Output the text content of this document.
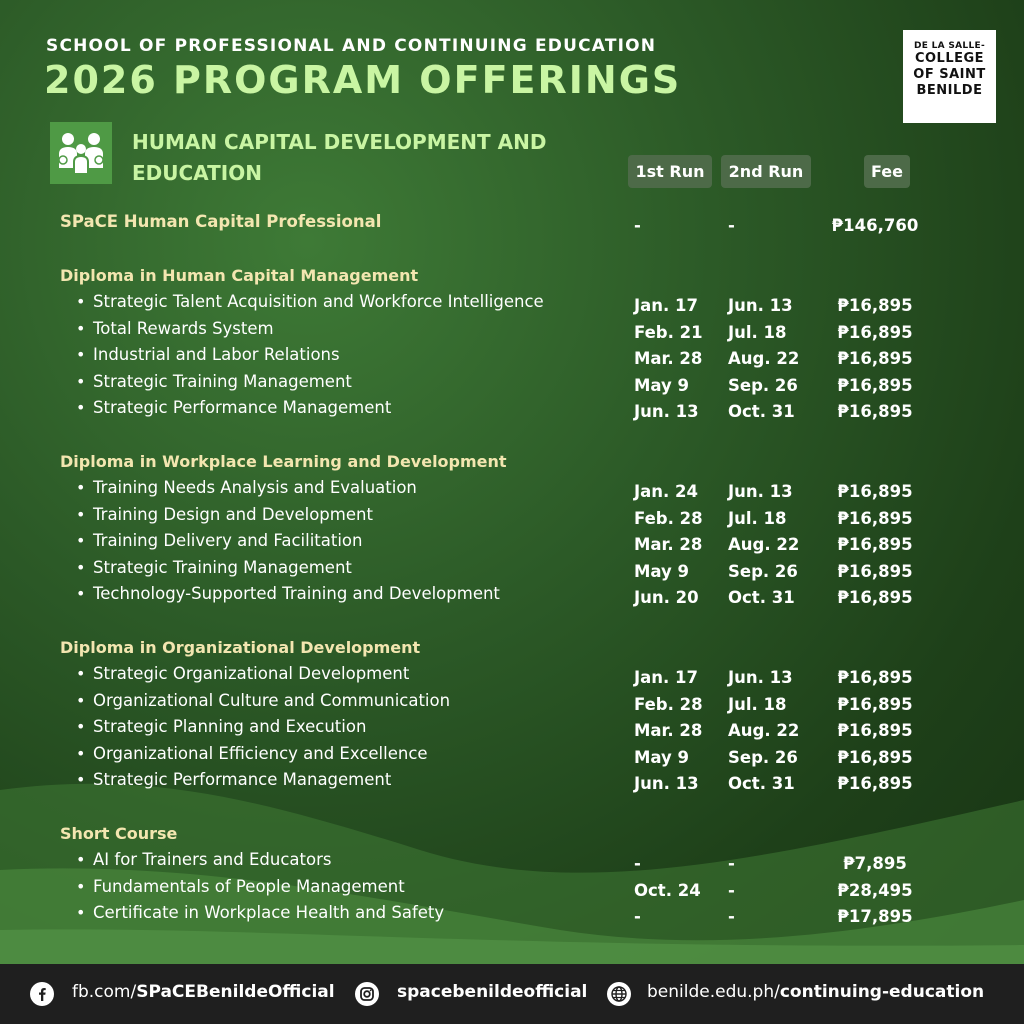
SCHOOL OF PROFESSIONAL AND CONTINUING EDUCATION
2026 PROGRAM OFFERINGS
DE LA SALLE-
COLLEGE
OF SAINT
BENILDE
HUMAN CAPITAL DEVELOPMENT AND EDUCATION	1st Run	2nd Run	Fee
SPaCE Human Capital Professional	-	-	₱146,760
Diploma in Human Capital Management
• Strategic Talent Acquisition and Workforce Intelligence	Jan. 17 Jun. 13	₱16,895
• Total Rewards System	Feb. 21 Jul. 18	₱16,895
• Industrial and Labor Relations	Mar. 28 Aug. 22	₱16,895
• Strategic Training Management	May 9 Sep. 26	₱16,895
• Strategic Performance Management	Jun. 13 Oct. 31	₱16,895
Diploma in Workplace Learning and Development
• Training Needs Analysis and Evaluation	Jan. 24 Jun. 13	₱16,895
• Training Design and Development	Feb. 28 Jul. 18	₱16,895
• Training Delivery and Facilitation	Mar. 28 Aug. 22	₱16,895
• Strategic Training Management	May 9 Sep. 26	₱16,895
• Technology-Supported Training and Development	Jun. 20 Oct. 31	₱16,895
Diploma in Organizational Development
• Strategic Organizational Development	Jan. 17 Jun. 13	₱16,895
• Organizational Culture and Communication	Feb. 28 Jul. 18	₱16,895
• Strategic Planning and Execution	Mar. 28 Aug. 22	₱16,895
• Organizational Efficiency and Excellence	May 9 Sep. 26	₱16,895
• Strategic Performance Management	Jun. 13 Oct. 31	₱16,895
Short Course
• AI for Trainers and Educators	-	-	₱7,895
• Fundamentals of People Management	Oct. 24 -	₱28,495
• Certificate in Workplace Health and Safety	-	-	₱17,895
fb.com/SPaCEBenildeOfficial	spacebenildeofficial	benilde.edu.ph/continuing-education
